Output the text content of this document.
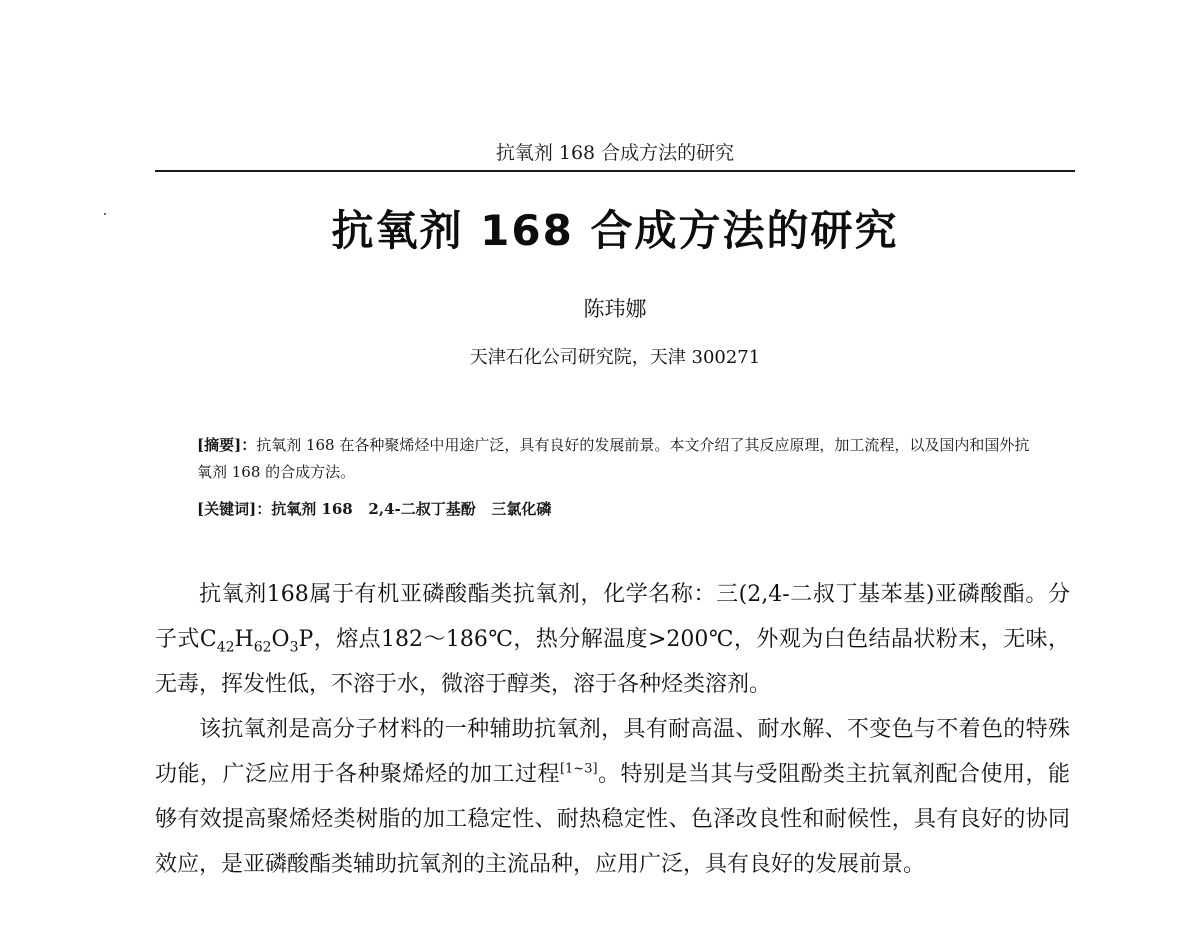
抗氧剂 168 合成方法的研究
抗氧剂 168 合成方法的研究
陈玮娜
天津石化公司研究院，天津 300271
[摘要]：抗氧剂 168 在各种聚烯烃中用途广泛，具有良好的发展前景。本文介绍了其反应原理，加工流程，以及国内和国外抗氧剂 168 的合成方法。
[关键词]：抗氧剂 168 2,4-二叔丁基酚 三氯化磷

抗氧剂168属于有机亚磷酸酯类抗氧剂，化学名称：三(2,4-二叔丁基苯基)亚磷酸酯。分子式$C_{42}H_{62}O_3P$，熔点182～186℃，热分解温度>200℃，外观为白色结晶状粉末，无味，无毒，挥发性低，不溶于水，微溶于醇类，溶于各种烃类溶剂。

该抗氧剂是高分子材料的一种辅助抗氧剂，具有耐高温、耐水解、不变色与不着色的特殊功能，广泛应用于各种聚烯烃的加工过程[1~3]。特别是当其与受阻酚类主抗氧剂配合使用，能够有效提高聚烯烃类树脂的加工稳定性、耐热稳定性、色泽改良性和耐候性，具有良好的协同效应，是亚磷酸酯类辅助抗氧剂的主流品种，应用广泛，具有良好的发展前景。
